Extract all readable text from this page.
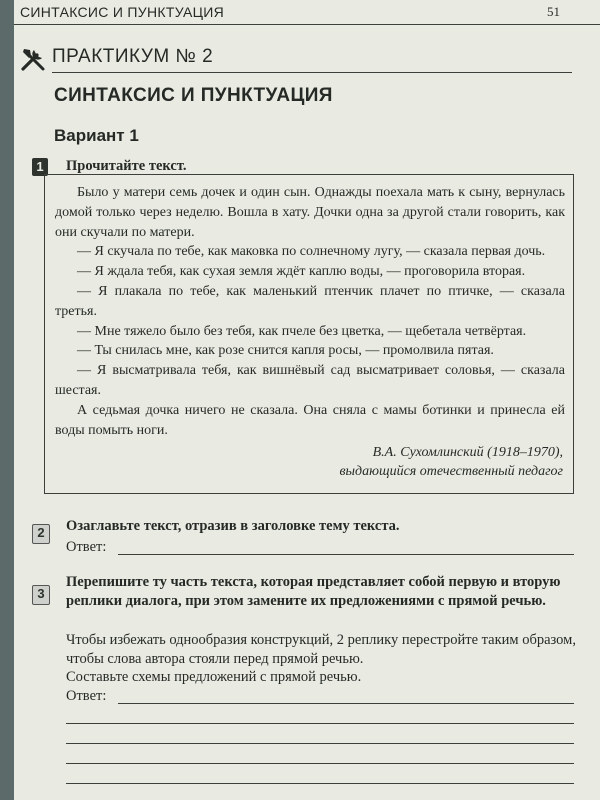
СИНТАКСИС И ПУНКТУАЦИЯ	51
ПРАКТИКУМ № 2
СИНТАКСИС И ПУНКТУАЦИЯ
Вариант 1
1	Прочитайте текст.

Было у матери семь дочек и один сын. Однажды поехала мать к сыну, вернулась домой только через неделю. Вошла в хату. Дочки одна за другой стали говорить, как они скучали по матери.

— Я скучала по тебе, как маковка по солнечному лугу, — сказала первая дочь.

— Я ждала тебя, как сухая земля ждёт каплю воды, — проговорила вторая.

— Я плакала по тебе, как маленький птенчик плачет по птичке, — сказала третья.

— Мне тяжело было без тебя, как пчеле без цветка, — щебетала четвёртая.

— Ты снилась мне, как розе снится капля росы, — промолвила пятая.

— Я высматривала тебя, как вишнёвый сад высматривает соловья, — сказала шестая.

А седьмая дочка ничего не сказала. Она сняла с мамы ботинки и принесла ей воды помыть ноги.

В.А. Сухомлинский (1918–1970),
выдающийся отечественный педагог
2	Озаглавьте текст, отразив в заголовке тему текста.
Ответ:
3
Перепишите ту часть текста, которая представляет собой первую и вторую реплики диалога, при этом замените их предложениями с прямой речью.
Чтобы избежать однообразия конструкций, 2 реплику перестройте таким образом, чтобы слова автора стояли перед прямой речью.
Составьте схемы предложений с прямой речью.
Ответ:
